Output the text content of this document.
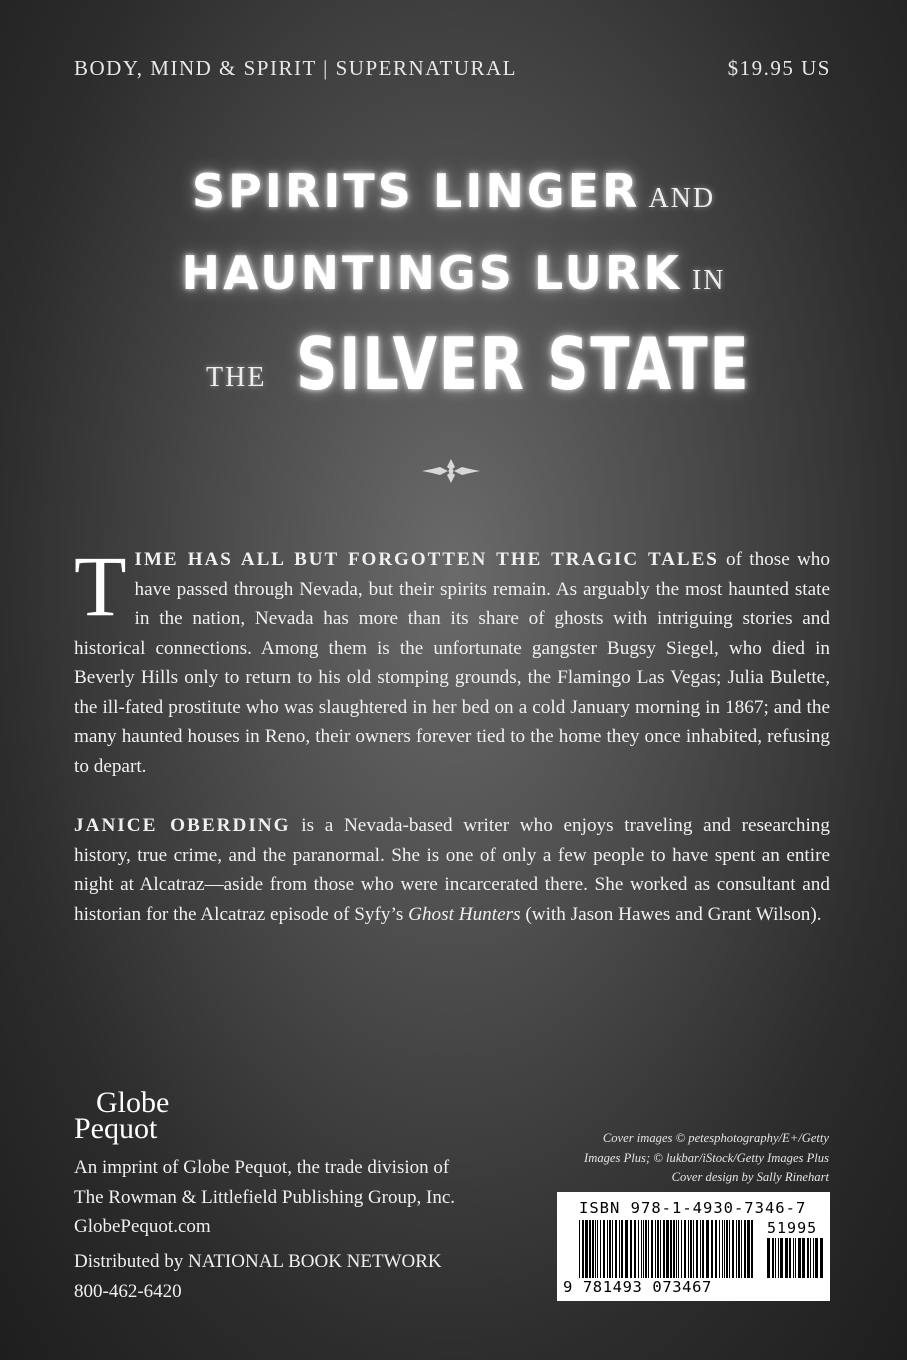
BODY, MIND & SPIRIT | SUPERNATURAL	$19.95 US
SPIRITS LINGER AND
HAUNTINGS LURK IN
THE SILVER STATE
TIME HAS ALL BUT FORGOTTEN THE TRAGIC TALES of those who have passed through Nevada, but their spirits remain. As arguably the most haunted state in the nation, Nevada has more than its share of ghosts with intriguing stories and historical connections. Among them is the unfortunate gangster Bugsy Siegel, who died in Beverly Hills only to return to his old stomping grounds, the Flamingo Las Vegas; Julia Bulette, the ill-fated prostitute who was slaughtered in her bed on a cold January morning in 1867; and the many haunted houses in Reno, their owners forever tied to the home they once inhabited, refusing to depart.
JANICE OBERDING is a Nevada-based writer who enjoys traveling and researching history, true crime, and the paranormal. She is one of only a few people to have spent an entire night at Alcatraz—aside from those who were incarcerated there. She worked as consultant and historian for the Alcatraz episode of Syfy’s Ghost Hunters (with Jason Hawes and Grant Wilson).
Globe
Pequot
An imprint of Globe Pequot, the trade division of
The Rowman & Littlefield Publishing Group, Inc.
GlobePequot.com
Distributed by NATIONAL BOOK NETWORK
800-462-6420
Cover images © petesphotography/E+/Getty
Images Plus; © lukbar/iStock/Getty Images Plus
Cover design by Sally Rinehart
ISBN 978-1-4930-7346-7
51995
9 781493 073467
